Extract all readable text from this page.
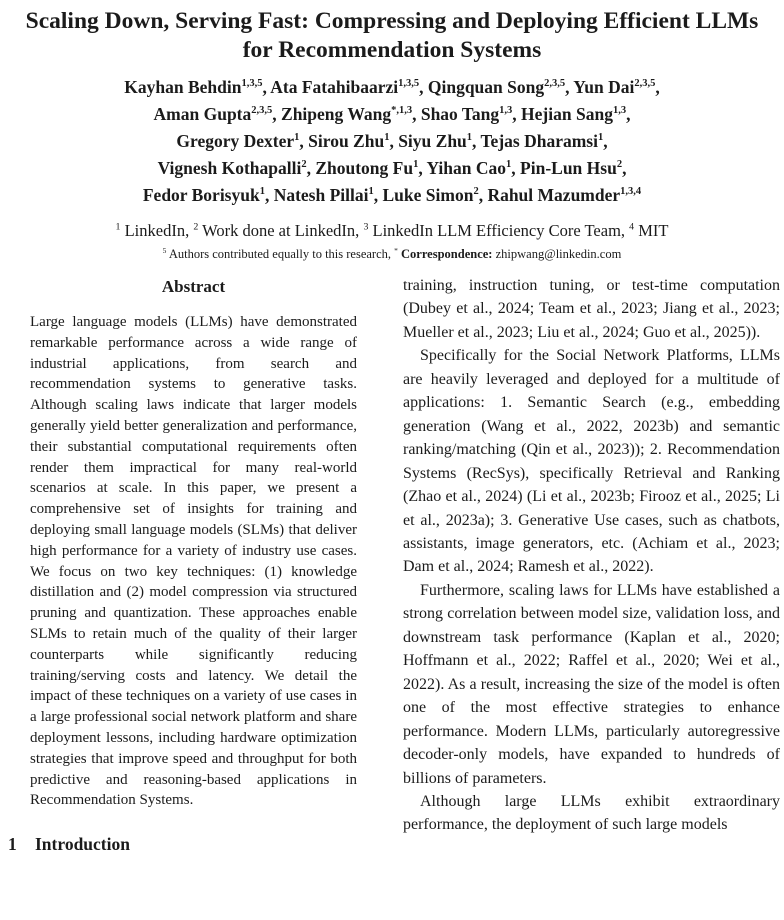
Scaling Down, Serving Fast: Compressing and Deploying Efficient LLMs
for Recommendation Systems
Kayhan Behdin$^{1,3,5}$, Ata Fatahibaarzi$^{1,3,5}$, Qingquan Song$^{2,3,5}$, Yun Dai$^{2,3,5}$,
Aman Gupta$^{2,3,5}$, Zhipeng Wang$^{*,1,3}$, Shao Tang$^{1,3}$, Hejian Sang$^{1,3}$,
Gregory Dexter$^1$, Sirou Zhu$^1$, Siyu Zhu$^1$, Tejas Dharamsi$^1$,
Vignesh Kothapalli$^2$, Zhoutong Fu$^1$, Yihan Cao$^1$, Pin-Lun Hsu$^2$,
Fedor Borisyuk$^1$, Natesh Pillai$^1$, Luke Simon$^2$, Rahul Mazumder$^{1,3,4}$
$^1$ LinkedIn, $^2$ Work done at LinkedIn, $^3$ LinkedIn LLM Efficiency Core Team, $^4$ MIT
$^5$ Authors contributed equally to this research, * Correspondence: zhipwang@linkedin.com
Abstract

Large language models (LLMs) have demonstrated remarkable performance across a wide range of industrial applications, from search and recommendation systems to generative tasks. Although scaling laws indicate that larger models generally yield better generalization and performance, their substantial computational requirements often render them impractical for many real-world scenarios at scale. In this paper, we present a comprehensive set of insights for training and deploying small language models (SLMs) that deliver high performance for a variety of industry use cases. We focus on two key techniques: (1) knowledge distillation and (2) model compression via structured pruning and quantization. These approaches enable SLMs to retain much of the quality of their larger counterparts while significantly reducing training/serving costs and latency. We detail the impact of these techniques on a variety of use cases in a large professional social network platform and share deployment lessons, including hardware optimization strategies that improve speed and throughput for both predictive and reasoning-based applications in Recommendation Systems.

1 Introduction

training, instruction tuning, or test-time computation (Dubey et al., 2024; Team et al., 2023; Jiang et al., 2023; Mueller et al., 2023; Liu et al., 2024; Guo et al., 2025)).

Specifically for the Social Network Platforms, LLMs are heavily leveraged and deployed for a multitude of applications: 1. Semantic Search (e.g., embedding generation (Wang et al., 2022, 2023b) and semantic ranking/matching (Qin et al., 2023)); 2. Recommendation Systems (RecSys), specifically Retrieval and Ranking (Zhao et al., 2024) (Li et al., 2023b; Firooz et al., 2025; Li et al., 2023a); 3. Generative Use cases, such as chatbots, assistants, image generators, etc. (Achiam et al., 2023; Dam et al., 2024; Ramesh et al., 2022).

Furthermore, scaling laws for LLMs have established a strong correlation between model size, validation loss, and downstream task performance (Kaplan et al., 2020; Hoffmann et al., 2022; Raffel et al., 2020; Wei et al., 2022). As a result, increasing the size of the model is often one of the most effective strategies to enhance performance. Modern LLMs, particularly autoregressive decoder-only models, have expanded to hundreds of billions of parameters.

Although large LLMs exhibit extraordinary performance, the deployment of such large models
